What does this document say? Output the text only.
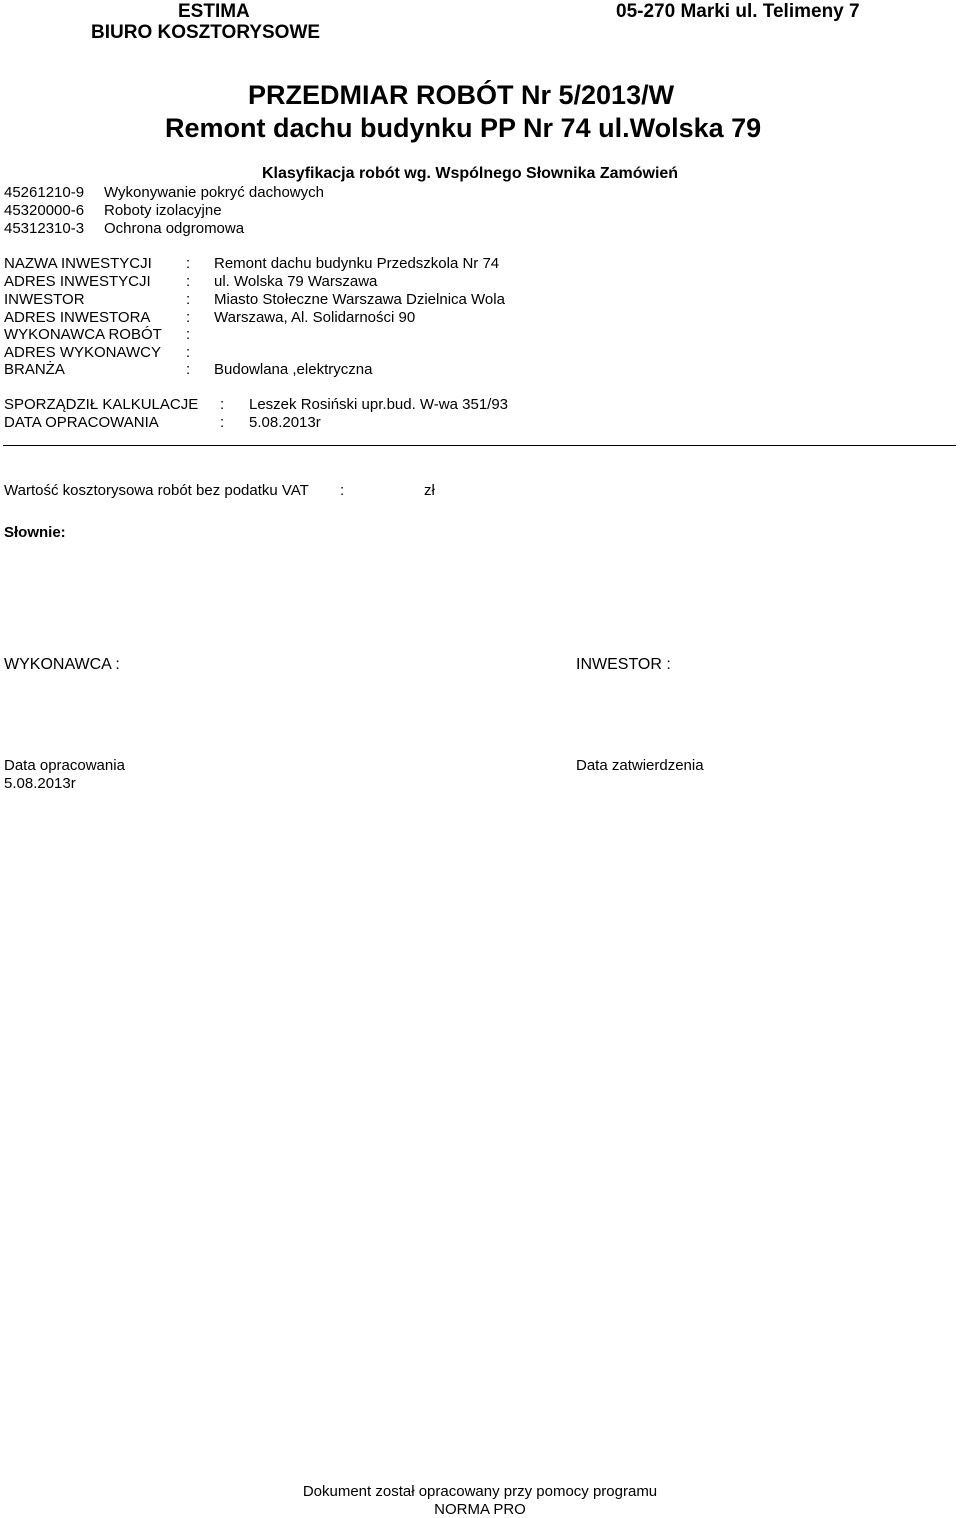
ESTIMA
BIURO KOSZTORYSOWE
05-270 Marki ul. Telimeny 7
PRZEDMIAR ROBÓT Nr 5/2013/W
Remont dachu budynku PP Nr 74 ul.Wolska 79
Klasyfikacja robót wg. Wspólnego Słownika Zamówień
45261210-9 Wykonywanie pokryć dachowych
45320000-6 Roboty izolacyjne
45312310-3 Ochrona odgromowa
NAZWA INWESTYCJI : Remont dachu budynku Przedszkola Nr 74
ADRES INWESTYCJI : ul. Wolska 79 Warszawa
INWESTOR	: Miasto Stołeczne Warszawa Dzielnica Wola
ADRES INWESTORA : Warszawa, Al. Solidarności 90
WYKONAWCA ROBÓT :
ADRES WYKONAWCY :
BRANŻA	: Budowlana ,elektryczna
SPORZĄDZIŁ KALKULACJE : Leszek Rosiński upr.bud. W-wa 351/93
DATA OPRACOWANIA	: 5.08.2013r
Wartość kosztorysowa robót bez podatku VAT :	zł
Słownie:
WYKONAWCA :	INWESTOR :
Data opracowania
5.08.2013r
Data zatwierdzenia
Dokument został opracowany przy pomocy programu
NORMA PRO
